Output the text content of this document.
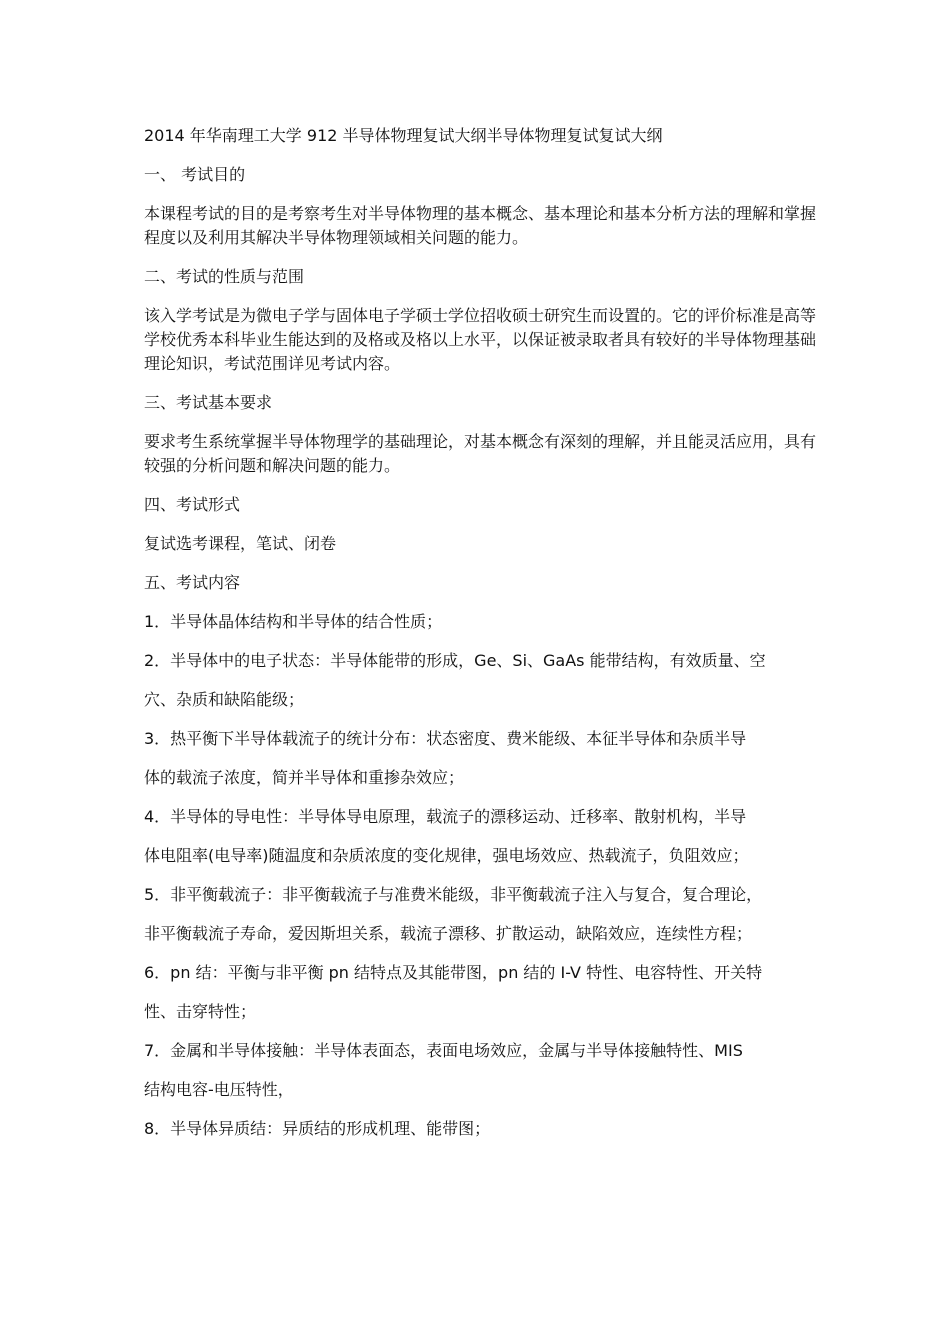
2014 年华南理工大学 912 半导体物理复试大纲半导体物理复试复试大纲

一、 考试目的

本课程考试的目的是考察考生对半导体物理的基本概念、基本理论和基本分析方法的理解和掌握程度以及利用其解决半导体物理领域相关问题的能力。

二、考试的性质与范围

该入学考试是为微电子学与固体电子学硕士学位招收硕士研究生而设置的。它的评价标准是高等学校优秀本科毕业生能达到的及格或及格以上水平，以保证被录取者具有较好的半导体物理基础理论知识，考试范围详见考试内容。

三、考试基本要求

要求考生系统掌握半导体物理学的基础理论，对基本概念有深刻的理解，并且能灵活应用，具有较强的分析问题和解决问题的能力。

四、考试形式

复试选考课程，笔试、闭卷

五、考试内容

1．半导体晶体结构和半导体的结合性质；

2．半导体中的电子状态：半导体能带的形成，Ge、Si、GaAs 能带结构，有效质量、空

穴、杂质和缺陷能级；

3．热平衡下半导体载流子的统计分布：状态密度、费米能级、本征半导体和杂质半导

体的载流子浓度，简并半导体和重掺杂效应；

4．半导体的导电性：半导体导电原理，载流子的漂移运动、迁移率、散射机构，半导

体电阻率(电导率)随温度和杂质浓度的变化规律，强电场效应、热载流子，负阻效应；

5．非平衡载流子：非平衡载流子与准费米能级，非平衡载流子注入与复合，复合理论，

非平衡载流子寿命，爱因斯坦关系，载流子漂移、扩散运动，缺陷效应，连续性方程；

6．pn 结：平衡与非平衡 pn 结特点及其能带图，pn 结的 I-V 特性、电容特性、开关特

性、击穿特性；

7．金属和半导体接触：半导体表面态，表面电场效应，金属与半导体接触特性、MIS

结构电容-电压特性，

8．半导体异质结：异质结的形成机理、能带图；
